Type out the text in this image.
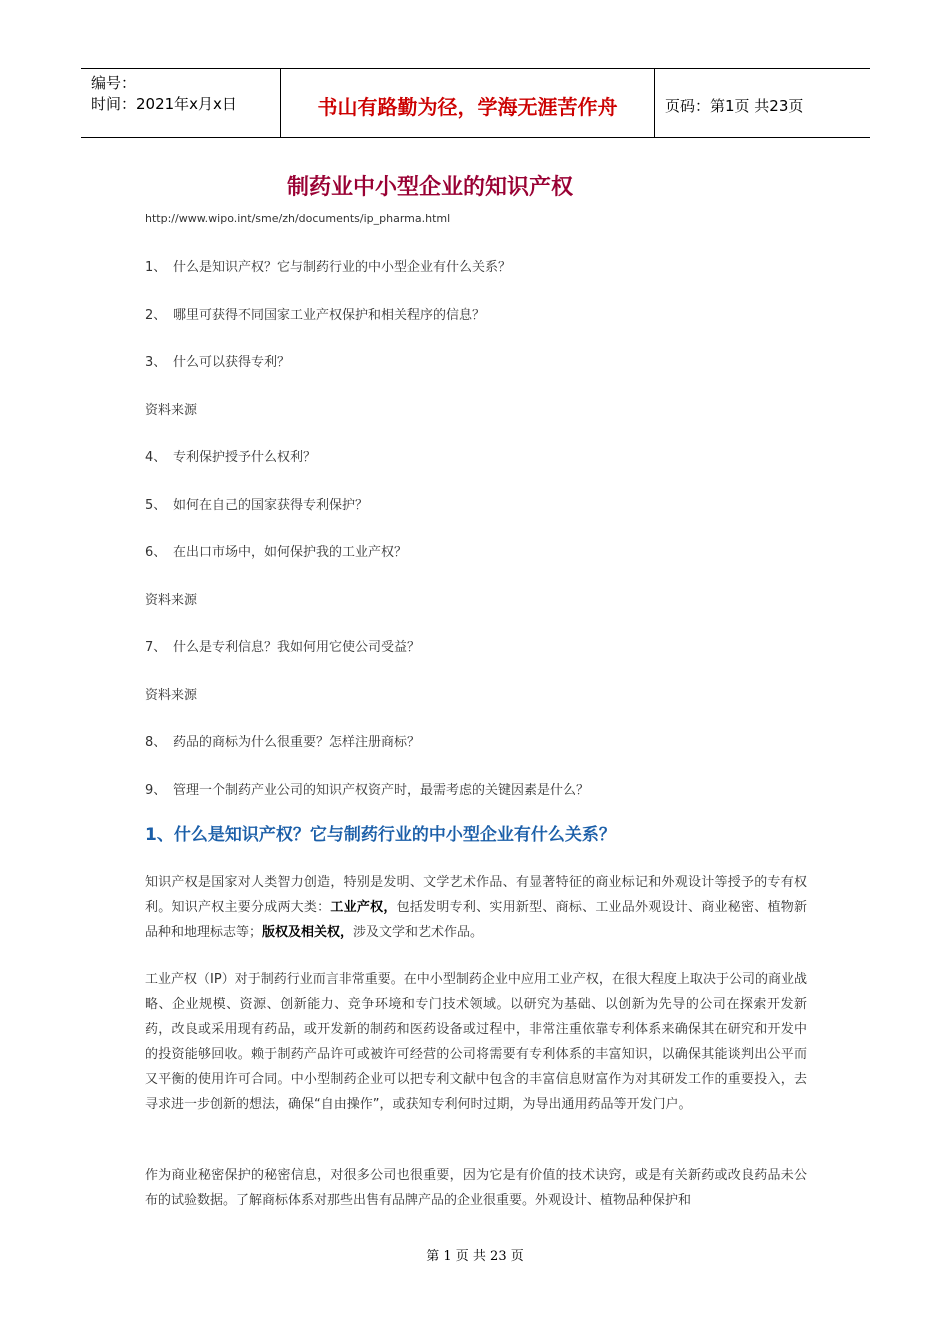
编号：
时间：2021年x月x日	书山有路勤为径，学海无涯苦作舟	页码：第1页 共23页
制药业中小型企业的知识产权
http://www.wipo.int/sme/zh/documents/ip_pharma.html
1、 什么是知识产权？它与制药行业的中小型企业有什么关系？
2、 哪里可获得不同国家工业产权保护和相关程序的信息？
3、 什么可以获得专利？
资料来源
4、 专利保护授予什么权利？
5、 如何在自己的国家获得专利保护？
6、 在出口市场中，如何保护我的工业产权？
资料来源
7、 什么是专利信息？我如何用它使公司受益？
资料来源
8、 药品的商标为什么很重要？怎样注册商标？
9、 管理一个制药产业公司的知识产权资产时，最需考虑的关键因素是什么？
1、什么是知识产权？它与制药行业的中小型企业有什么关系？
知识产权是国家对人类智力创造，特别是发明、文学艺术作品、有显著特征的商业标记和外观设计等授予的专有权利。知识产权主要分成两大类：工业产权，包括发明专利、实用新型、商标、工业品外观设计、商业秘密、植物新品种和地理标志等；版权及相关权，涉及文学和艺术作品。
工业产权（IP）对于制药行业而言非常重要。在中小型制药企业中应用工业产权，在很大程度上取决于公司的商业战略、企业规模、资源、创新能力、竞争环境和专门技术领域。以研究为基础、以创新为先导的公司在探索开发新药，改良或采用现有药品，或开发新的制药和医药设备或过程中，非常注重依靠专利体系来确保其在研究和开发中的投资能够回收。赖于制药产品许可或被许可经营的公司将需要有专利体系的丰富知识，以确保其能谈判出公平而又平衡的使用许可合同。中小型制药企业可以把专利文献中包含的丰富信息财富作为对其研发工作的重要投入，去寻求进一步创新的想法，确保“自由操作”，或获知专利何时过期，为导出通用药品等开发门户。
作为商业秘密保护的秘密信息，对很多公司也很重要，因为它是有价值的技术诀窍，或是有关新药或改良药品未公布的试验数据。了解商标体系对那些出售有品牌产品的企业很重要。外观设计、植物品种保护和
第 1 页 共 23 页
